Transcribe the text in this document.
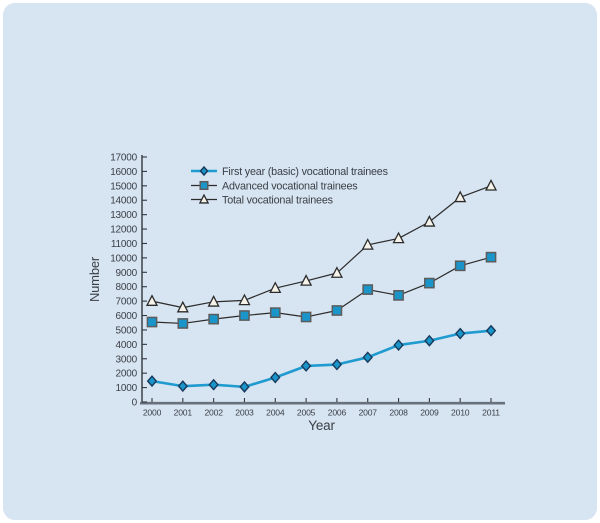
0
1000
2000
3000
4000
5000
6000
7000
8000
9000
10000
11000
12000
13000
14000
15000
16000
17000
2000 2001 2002 2003 2004 2005 2006 2007 2008 2009 2010 2011
Number
Year
First year (basic) vocational trainees
Advanced vocational trainees
Total vocational trainees
